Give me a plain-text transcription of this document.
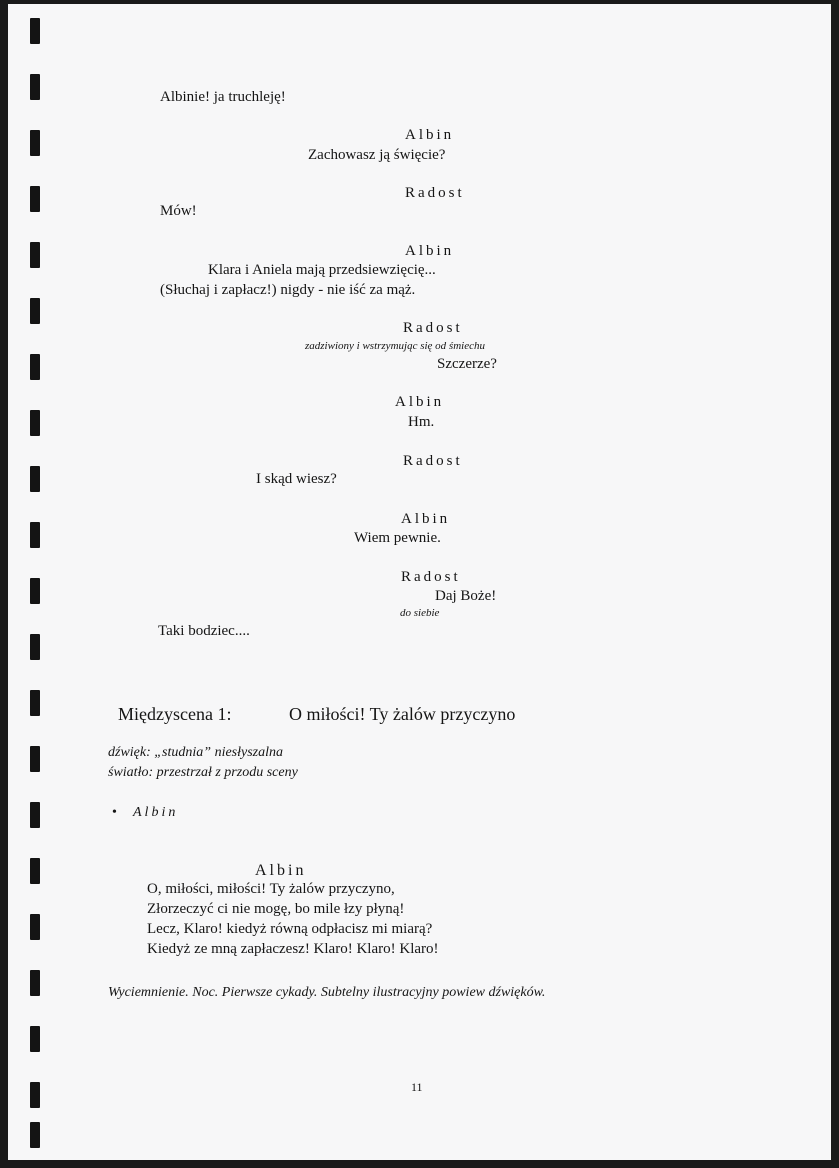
Albinie! ja truchleję!
Albin
Zachowasz ją święcie?
Radost
Mów!
Albin
Klara i Aniela mają przedsiewzięcię...
(Słuchaj i zapłacz!) nigdy - nie iść za mąż.
Radost
zadziwiony i wstrzymując się od śmiechu
Szczerze?
Albin
Hm.
Radost
I skąd wiesz?
Albin
Wiem pewnie.
Radost
Daj Boże!
do siebie
Taki bodziec....
Międzyscena 1:	O miłości! Ty żalów przyczyno
dźwięk: „studnia” niesłyszalna
światło: przestrzał z przodu sceny
• Albin
Albin
O, miłości, miłości! Ty żalów przyczyno,
Złorzeczyć ci nie mogę, bo mile łzy płyną!
Lecz, Klaro! kiedyż równą odpłacisz mi miarą?
Kiedyż ze mną zapłaczesz! Klaro! Klaro! Klaro!
Wyciemnienie. Noc. Pierwsze cykady. Subtelny ilustracyjny powiew dźwięków.
11
